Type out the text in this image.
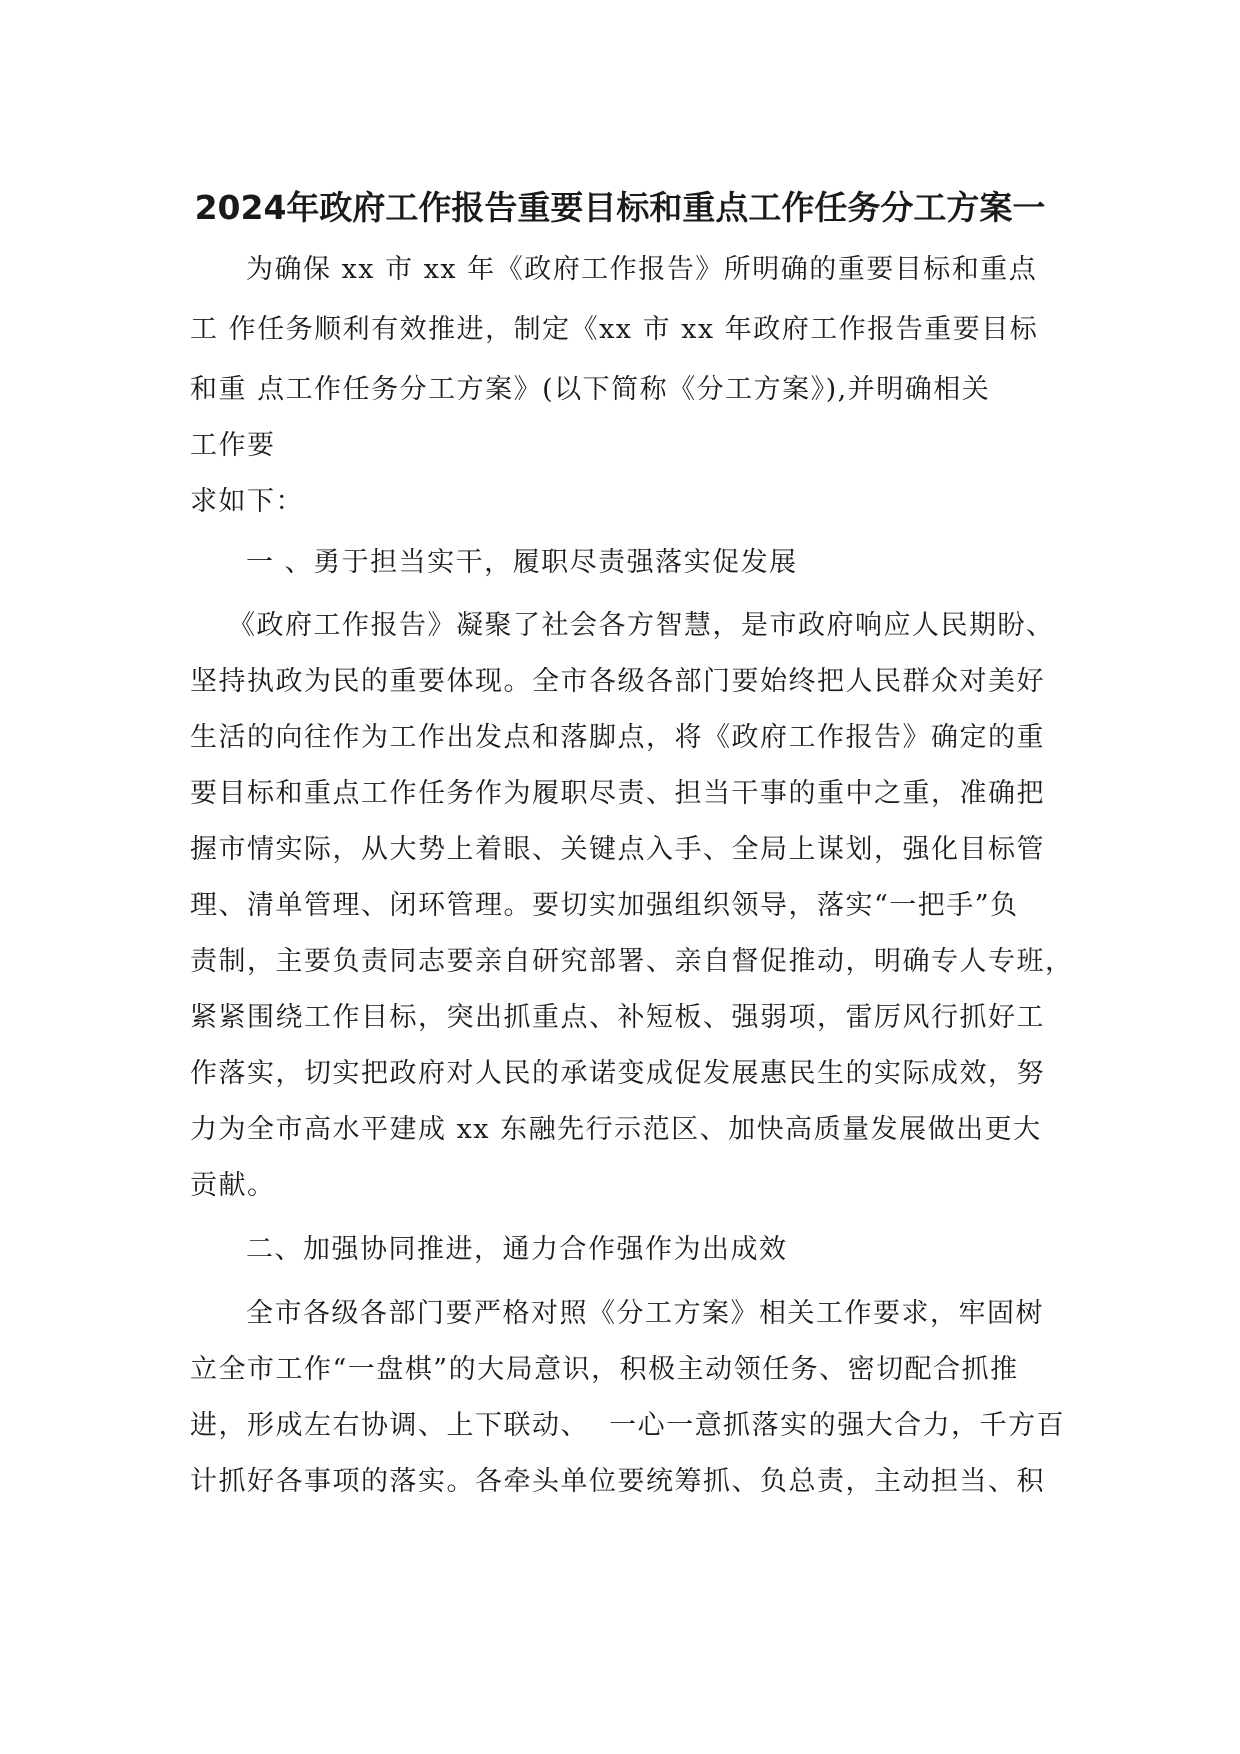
2024年政府工作报告重要目标和重点工作任务分工方案一
为确保 xx 市 xx 年《政府工作报告》所明确的重要目标和重点
工 作任务顺利有效推进，制定《xx 市 xx 年政府工作报告重要目标
和重 点工作任务分工方案》(以下简称《分工方案》),并明确相关
工作要
求如下：
一 、勇于担当实干，履职尽责强落实促发展
《政府工作报告》凝聚了社会各方智慧，是市政府响应人民期盼、
坚持执政为民的重要体现。全市各级各部门要始终把人民群众对美好
生活的向往作为工作出发点和落脚点，将《政府工作报告》确定的重
要目标和重点工作任务作为履职尽责、担当干事的重中之重，准确把
握市情实际，从大势上着眼、关键点入手、全局上谋划，强化目标管
理、清单管理、闭环管理。要切实加强组织领导，落实“一把手”负
责制，主要负责同志要亲自研究部署、亲自督促推动，明确专人专班，
紧紧围绕工作目标，突出抓重点、补短板、强弱项，雷厉风行抓好工
作落实，切实把政府对人民的承诺变成促发展惠民生的实际成效，努
力为全市高水平建成 xx 东融先行示范区、加快高质量发展做出更大
贡献。
二、加强协同推进，通力合作强作为出成效
全市各级各部门要严格对照《分工方案》相关工作要求，牢固树
立全市工作“一盘棋”的大局意识，积极主动领任务、密切配合抓推
进，形成左右协调、上下联动、  一心一意抓落实的强大合力，千方百
计抓好各事项的落实。各牵头单位要统筹抓、负总责，主动担当、积
